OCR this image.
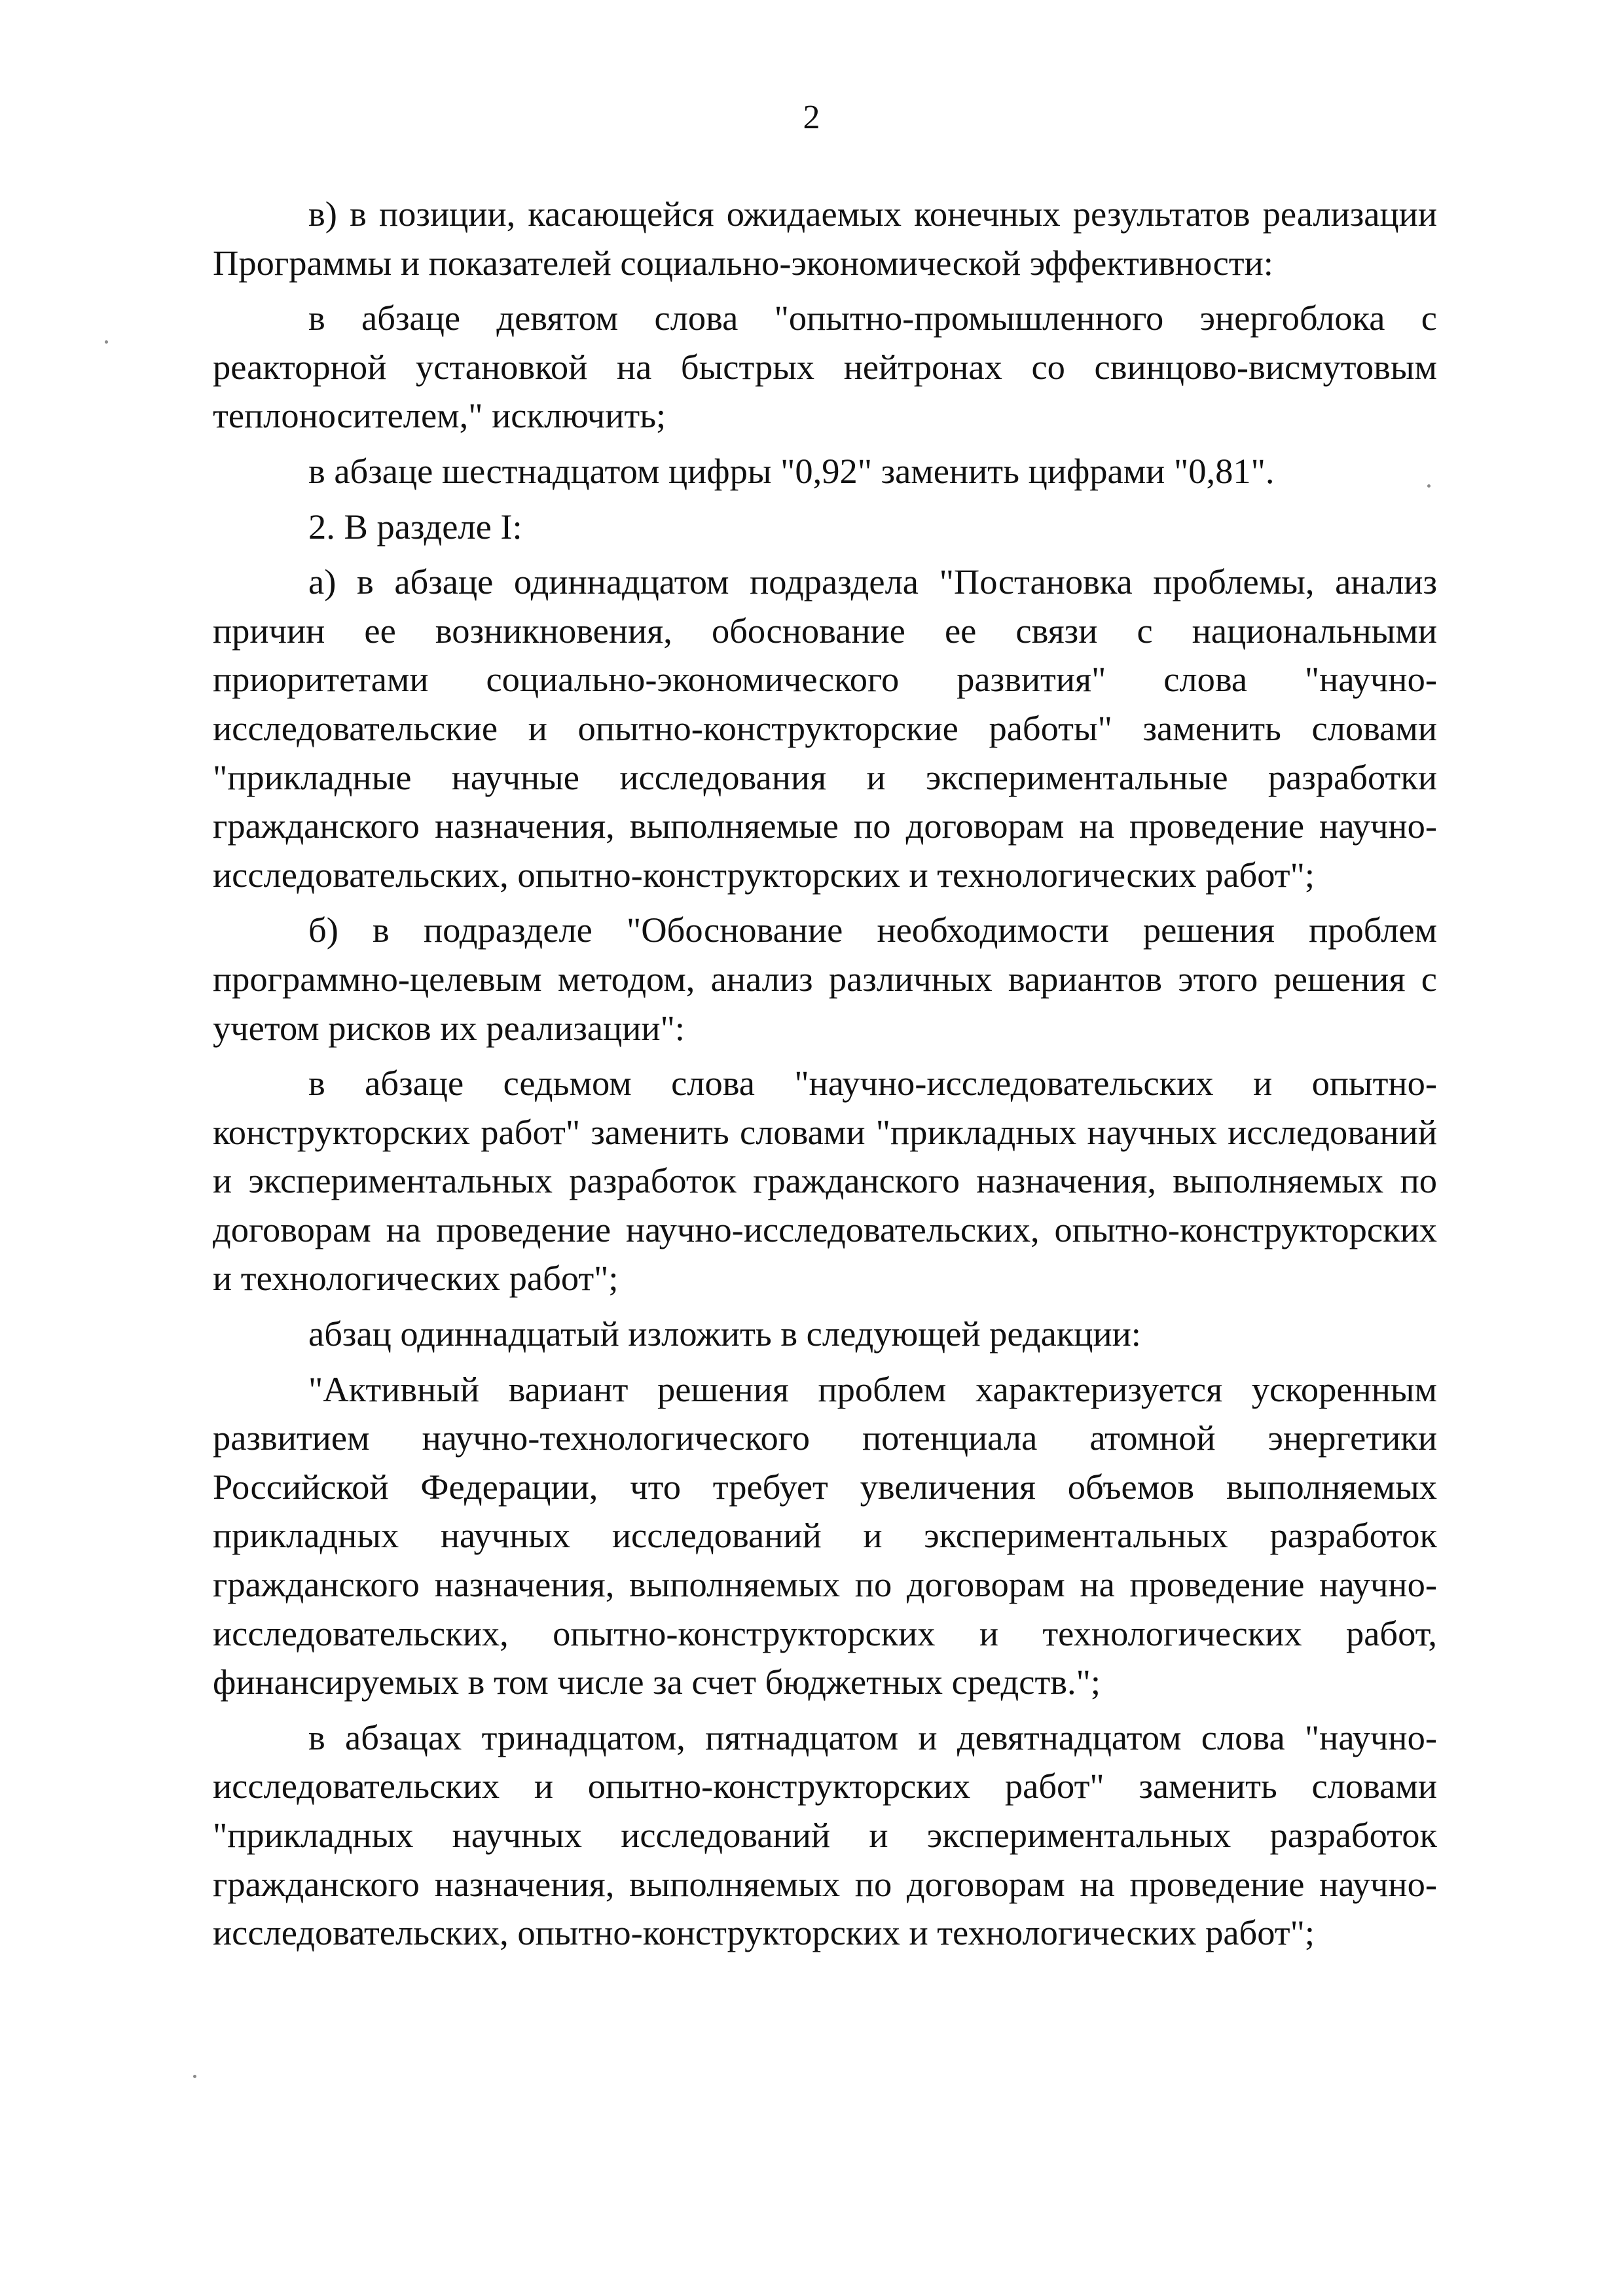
2

в) в позиции, касающейся ожидаемых конечных результатов реализации Программы и показателей социально-экономической эффективности:

в абзаце девятом слова "опытно-промышленного энергоблока с реакторной установкой на быстрых нейтронах со свинцово-висмутовым теплоносителем," исключить;

в абзаце шестнадцатом цифры "0,92" заменить цифрами "0,81".

2. В разделе I:

а) в абзаце одиннадцатом подраздела "Постановка проблемы, анализ причин ее возникновения, обоснование ее связи с национальными приоритетами социально-экономического развития" слова "научно-исследовательские и опытно-конструкторские работы" заменить словами "прикладные научные исследования и экспериментальные разработки гражданского назначения, выполняемые по договорам на проведение научно-исследовательских, опытно-конструкторских и технологических работ";

б) в подразделе "Обоснование необходимости решения проблем программно-целевым методом, анализ различных вариантов этого решения с учетом рисков их реализации":

в абзаце седьмом слова "научно-исследовательских и опытно-конструкторских работ" заменить словами "прикладных научных исследований и экспериментальных разработок гражданского назначения, выполняемых по договорам на проведение научно-исследовательских, опытно-конструкторских и технологических работ";

абзац одиннадцатый изложить в следующей редакции:

"Активный вариант решения проблем характеризуется ускоренным развитием научно-технологического потенциала атомной энергетики Российской Федерации, что требует увеличения объемов выполняемых прикладных научных исследований и экспериментальных разработок гражданского назначения, выполняемых по договорам на проведение научно-исследовательских, опытно-конструкторских и технологических работ, финансируемых в том числе за счет бюджетных средств.";

в абзацах тринадцатом, пятнадцатом и девятнадцатом слова "научно-исследовательских и опытно-конструкторских работ" заменить словами "прикладных научных исследований и экспериментальных разработок гражданского назначения, выполняемых по договорам на проведение научно-исследовательских, опытно-конструкторских и технологических работ";
